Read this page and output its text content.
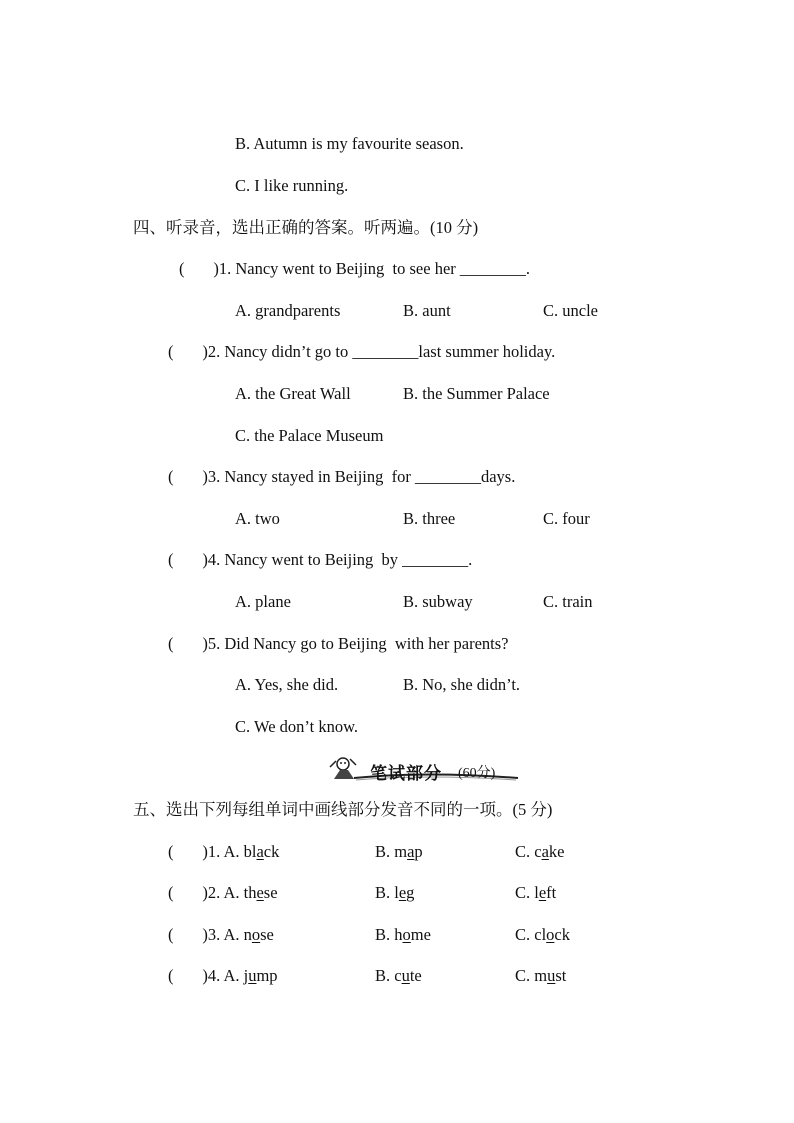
B. Autumn is my favourite season.
C. I like running.
四、听录音，选出正确的答案。听两遍。(10 分)
(       )1. Nancy went to Beijing  to see her ________.
A. grandparents	B. aunt	C. uncle
(       )2. Nancy didn’t go to ________last summer holiday.
A. the Great Wall	B. the Summer Palace
C. the Palace Museum
(       )3. Nancy stayed in Beijing  for ________days.
A. two	B. three	C. four
(       )4. Nancy went to Beijing  by ________.
A. plane	B. subway	C. train
(       )5. Did Nancy go to Beijing  with her parents?
A. Yes, she did.	B. No, she didn’t.
C. We don’t know.
笔试部分 (60分)
五、选出下列每组单词中画线部分发音不同的一项。(5 分)
(       )1. A. black	B. map	C. cake
(       )2. A. these	B. leg	C. left
(       )3. A. nose	B. home	C. clock
(       )4. A. jump	B. cute	C. must
